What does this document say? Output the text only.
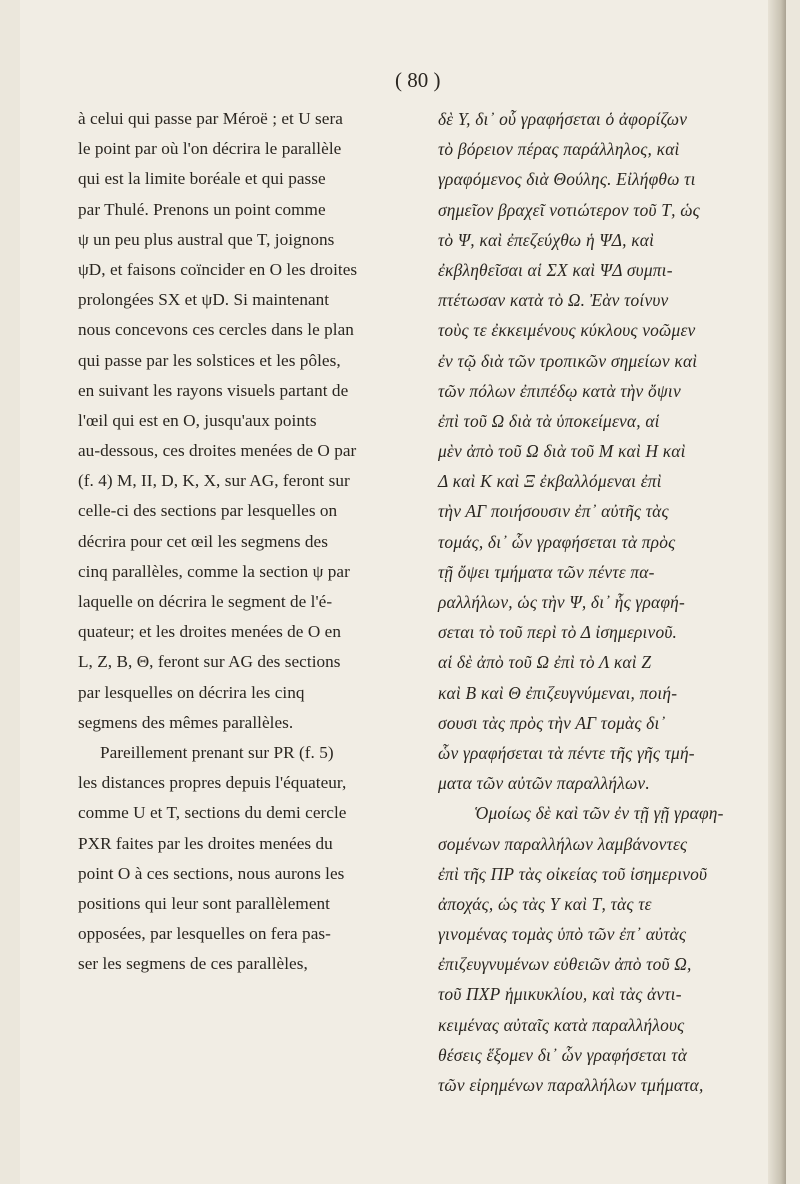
( 80 )
à celui qui passe par Méroë ; et U sera
le point par où l'on décrira le parallèle
qui est la limite boréale et qui passe
par Thulé. Prenons un point comme
ψ un peu plus austral que T, joignons
ψD, et faisons coïncider en O les droites
prolongées SX et ψD. Si maintenant
nous concevons ces cercles dans le plan
qui passe par les solstices et les pôles,
en suivant les rayons visuels partant de
l'œil qui est en O, jusqu'aux points
au-dessous, ces droites menées de O par
(f. 4) M, II, D, K, X, sur AG, feront sur
celle-ci des sections par lesquelles on
décrira pour cet œil les segmens des
cinq parallèles, comme la section ψ par
laquelle on décrira le segment de l'é-
quateur; et les droites menées de O en
L, Z, B, Θ, feront sur AG des sections
par lesquelles on décrira les cinq
segmens des mêmes parallèles.
Pareillement prenant sur PR (f. 5)
les distances propres depuis l'équateur,
comme U et T, sections du demi cercle
PXR faites par les droites menées du
point O à ces sections, nous aurons les
positions qui leur sont parallèlement
opposées, par lesquelles on fera pas-
ser les segmens de ces parallèles,
δὲ Υ, δι᾽ οὗ γραφήσεται ὁ ἀφορίζων
τὸ βόρειον πέρας παράλληλος, καὶ
γραφόμενος διὰ Θούλης. Εἰλήφθω τι
σημεῖον βραχεῖ νοτιώτερον τοῦ Τ, ὡς
τὸ Ψ, καὶ ἐπεζεύχθω ἡ ΨΔ, καὶ
ἐκβληθεῖσαι αἱ ΣΧ καὶ ΨΔ συμπι-
πτέτωσαν κατὰ τὸ Ω. Ἐὰν τοίνυν
τοὺς τε ἐκκειμένους κύκλους νοῶμεν
ἐν τῷ διὰ τῶν τροπικῶν σημείων καὶ
τῶν πόλων ἐπιπέδῳ κατὰ τὴν ὄψιν
ἐπὶ τοῦ Ω διὰ τὰ ὑποκείμενα, αἱ
μὲν ἀπὸ τοῦ Ω διὰ τοῦ Μ καὶ Η καὶ
Δ καὶ Κ καὶ Ξ ἐκβαλλόμεναι ἐπὶ
τὴν ΑΓ ποιήσουσιν ἐπ᾽ αὐτῆς τὰς
τομάς, δι᾽ ὧν γραφήσεται τὰ πρὸς
τῇ ὄψει τμήματα τῶν πέντε πα-
ραλλήλων, ὡς τὴν Ψ, δι᾽ ἧς γραφή-
σεται τὸ τοῦ περὶ τὸ Δ ἰσημερινοῦ.
αἱ δὲ ἀπὸ τοῦ Ω ἐπὶ τὸ Λ καὶ Ζ
καὶ Β καὶ Θ ἐπιζευγνύμεναι, ποιή-
σουσι τὰς πρὸς τὴν ΑΓ τομὰς δι᾽
ὧν γραφήσεται τὰ πέντε τῆς γῆς τμή-
ματα τῶν αὐτῶν παραλλήλων.
Ὁμοίως δὲ καὶ τῶν ἐν τῇ γῇ γραφη-
σομένων παραλλήλων λαμβάνοντες
ἐπὶ τῆς ΠΡ τὰς οἰκείας τοῦ ἰσημερινοῦ
ἀποχάς, ὡς τὰς Υ καὶ Τ, τὰς τε
γινομένας τομὰς ὑπὸ τῶν ἐπ᾽ αὐτὰς
ἐπιζευγνυμένων εὐθειῶν ἀπὸ τοῦ Ω,
τοῦ ΠΧΡ ἡμικυκλίου, καὶ τὰς ἀντι-
κειμένας αὐταῖς κατὰ παραλλήλους
θέσεις ἕξομεν δι᾽ ὧν γραφήσεται τὰ
τῶν εἰρημένων παραλλήλων τμήματα,
